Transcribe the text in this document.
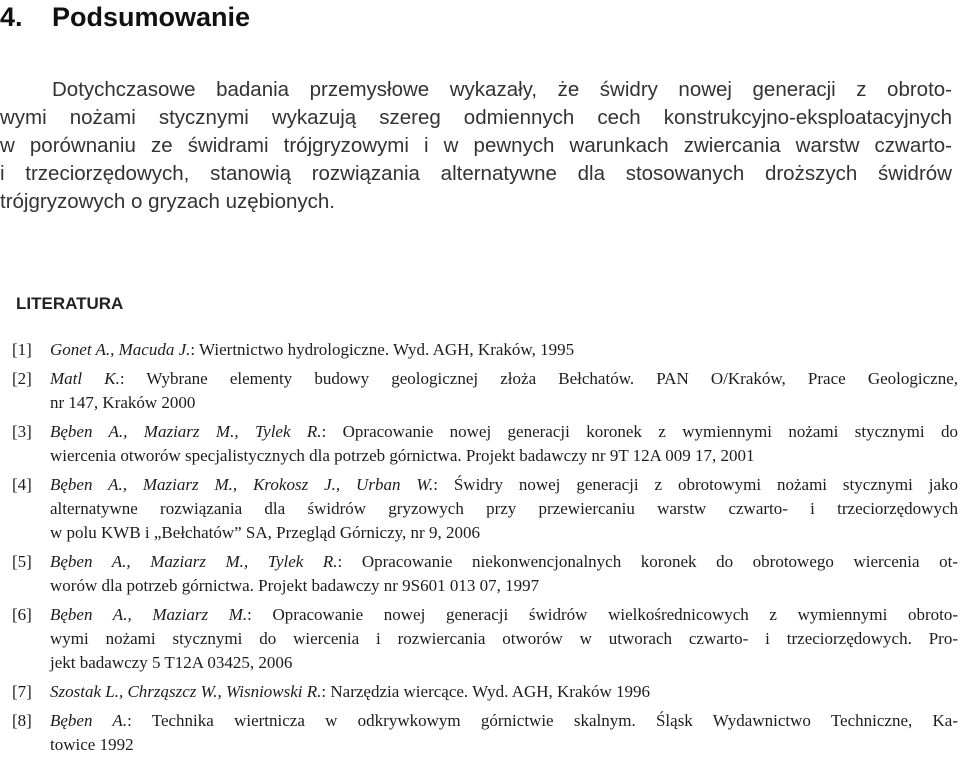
4. Podsumowanie

Dotychczasowe badania przemysłowe wykazały, że świdry nowej generacji z obroto-
wymi nożami stycznymi wykazują szereg odmiennych cech konstrukcyjno-eksploatacyjnych
w porównaniu ze świdrami trójgryzowymi i w pewnych warunkach zwiercania warstw czwarto-
i trzeciorzędowych, stanowią rozwiązania alternatywne dla stosowanych droższych świdrów
trójgryzowych o gryzach uzębionych.

LITERATURA
[1] Gonet A., Macuda J.: Wiertnictwo hydrologiczne. Wyd. AGH, Kraków, 1995
[2] Matl K.: Wybrane elementy budowy geologicznej złoża Bełchatów. PAN O/Kraków, Prace Geologiczne,
nr 147, Kraków 2000
[3] Bęben A., Maziarz M., Tylek R.: Opracowanie nowej generacji koronek z wymiennymi nożami stycznymi do
wiercenia otworów specjalistycznych dla potrzeb górnictwa. Projekt badawczy nr 9T 12A 009 17, 2001
[4] Bęben A., Maziarz M., Krokosz J., Urban W.: Świdry nowej generacji z obrotowymi nożami stycznymi jako
alternatywne rozwiązania dla świdrów gryzowych przy przewiercaniu warstw czwarto- i trzeciorzędowych
w polu KWB i „Bełchatów” SA, Przegląd Górniczy, nr 9, 2006
[5] Bęben A., Maziarz M., Tylek R.: Opracowanie niekonwencjonalnych koronek do obrotowego wiercenia ot-
worów dla potrzeb górnictwa. Projekt badawczy nr 9S601 013 07, 1997
[6] Bęben A., Maziarz M.: Opracowanie nowej generacji świdrów wielkośrednicowych z wymiennymi obroto-
wymi nożami stycznymi do wiercenia i rozwiercania otworów w utworach czwarto- i trzeciorzędowych. Pro-
jekt badawczy 5 T12A 03425, 2006
[7] Szostak L., Chrząszcz W., Wisniowski R.: Narzędzia wiercące. Wyd. AGH, Kraków 1996
[8] Bęben A.: Technika wiertnicza w odkrywkowym górnictwie skalnym. Śląsk Wydawnictwo Techniczne, Ka-
towice 1992
